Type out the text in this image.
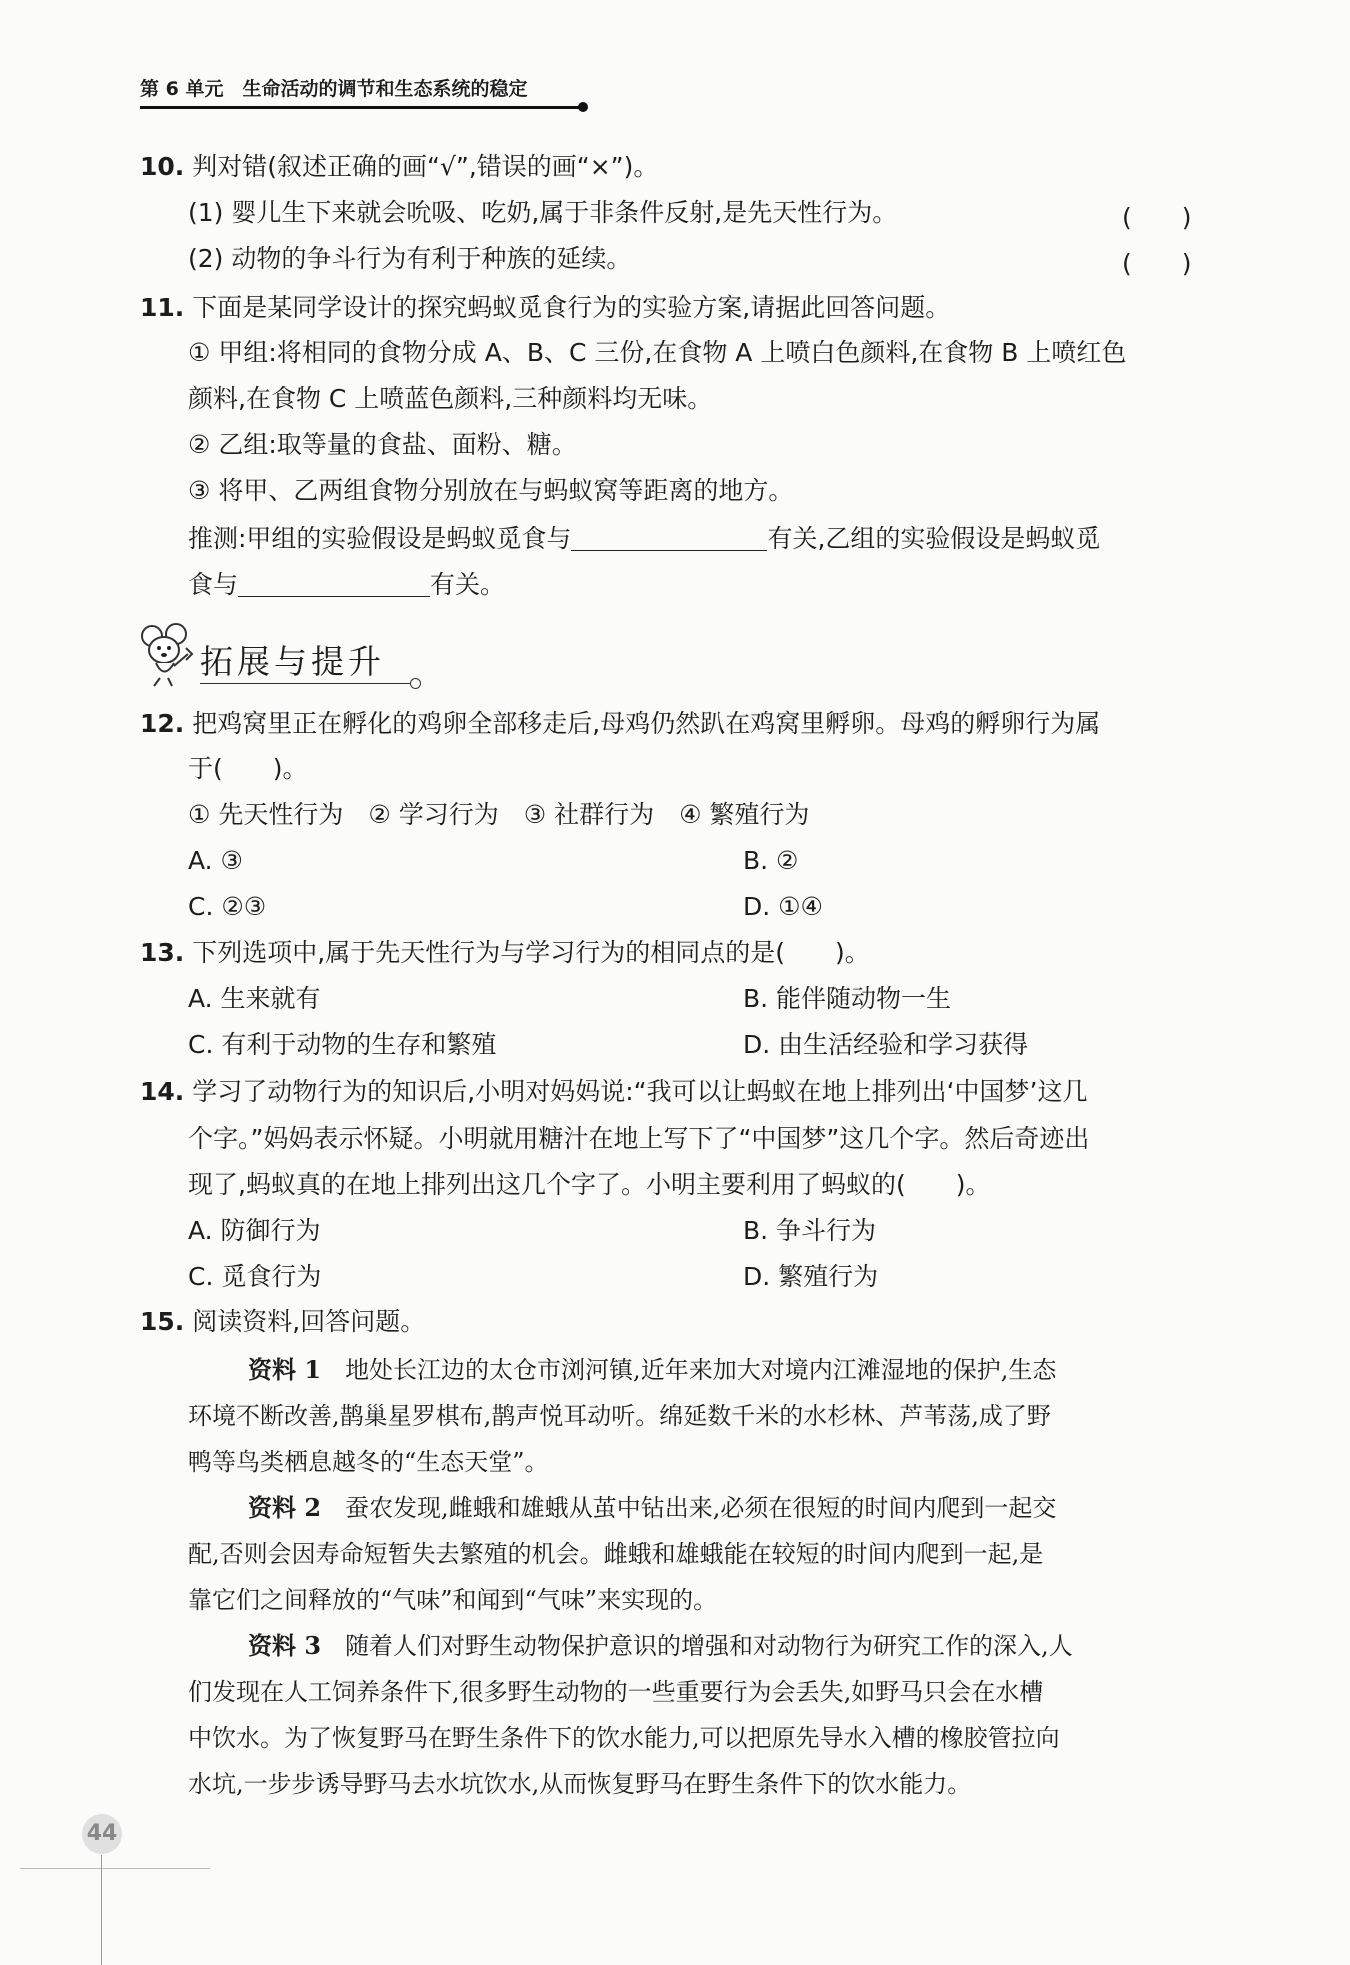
第 6 单元　生命活动的调节和生态系统的稳定
10. 判对错(叙述正确的画“√”,错误的画“×”)。
(1) 婴儿生下来就会吮吸、吃奶,属于非条件反射,是先天性行为。	(　　)
(2) 动物的争斗行为有利于种族的延续。	(　　)
11. 下面是某同学设计的探究蚂蚁觅食行为的实验方案,请据此回答问题。
① 甲组:将相同的食物分成 A、B、C 三份,在食物 A 上喷白色颜料,在食物 B 上喷红色
颜料,在食物 C 上喷蓝色颜料,三种颜料均无味。
② 乙组:取等量的食盐、面粉、糖。
③ 将甲、乙两组食物分别放在与蚂蚁窝等距离的地方。
推测:甲组的实验假设是蚂蚁觅食与	有关,乙组的实验假设是蚂蚁觅
食与	有关。
拓展与提升
12. 把鸡窝里正在孵化的鸡卵全部移走后,母鸡仍然趴在鸡窝里孵卵。母鸡的孵卵行为属
于(　　)。
① 先天性行为　② 学习行为　③ 社群行为　④ 繁殖行为
A. ③	B. ②
C. ②③	D. ①④
13. 下列选项中,属于先天性行为与学习行为的相同点的是(　　)。
A. 生来就有	B. 能伴随动物一生
C. 有利于动物的生存和繁殖	D. 由生活经验和学习获得
14. 学习了动物行为的知识后,小明对妈妈说:“我可以让蚂蚁在地上排列出‘中国梦’这几
个字。”妈妈表示怀疑。小明就用糖汁在地上写下了“中国梦”这几个字。然后奇迹出
现了,蚂蚁真的在地上排列出这几个字了。小明主要利用了蚂蚁的(　　)。
A. 防御行为	B. 争斗行为
C. 觅食行为	D. 繁殖行为
15. 阅读资料,回答问题。
资料 1　 地处长江边的太仓市浏河镇,近年来加大对境内江滩湿地的保护,生态
环境不断改善,鹊巢星罗棋布,鹊声悦耳动听。绵延数千米的水杉林、芦苇荡,成了野
鸭等鸟类栖息越冬的“生态天堂”。
资料 2　 蚕农发现,雌蛾和雄蛾从茧中钻出来,必须在很短的时间内爬到一起交
配,否则会因寿命短暂失去繁殖的机会。雌蛾和雄蛾能在较短的时间内爬到一起,是
靠它们之间释放的“气味”和闻到“气味”来实现的。
资料 3　 随着人们对野生动物保护意识的增强和对动物行为研究工作的深入,人
们发现在人工饲养条件下,很多野生动物的一些重要行为会丢失,如野马只会在水槽
中饮水。为了恢复野马在野生条件下的饮水能力,可以把原先导水入槽的橡胶管拉向
水坑,一步步诱导野马去水坑饮水,从而恢复野马在野生条件下的饮水能力。
44
